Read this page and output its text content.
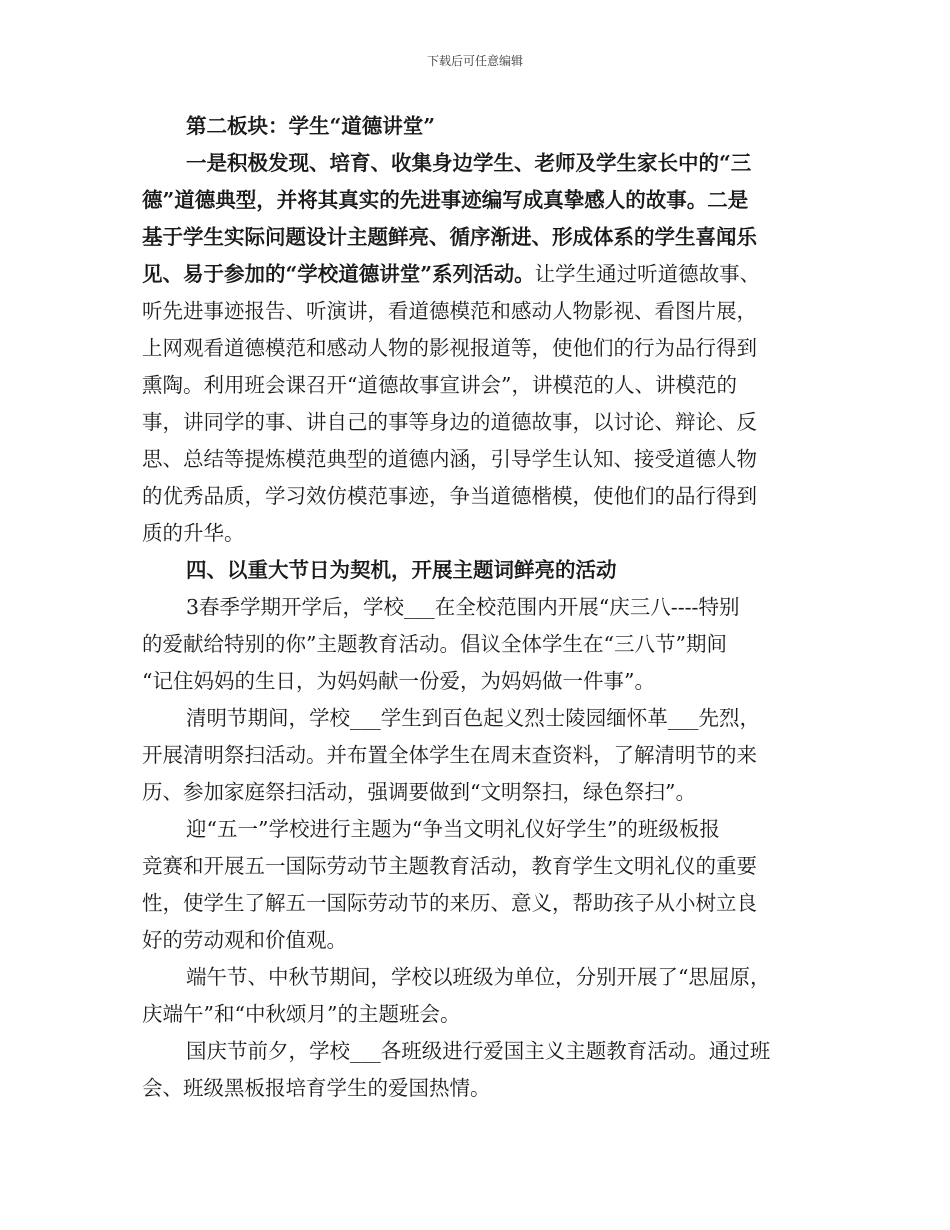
下载后可任意编辑
第二板块：学生“道德讲堂”
一是积极发现、培育、收集身边学生、老师及学生家长中的“三
德”道德典型，并将其真实的先进事迹编写成真挚感人的故事。二是
基于学生实际问题设计主题鲜亮、循序渐进、形成体系的学生喜闻乐
见、易于参加的“学校道德讲堂”系列活动。让学生通过听道德故事、
听先进事迹报告、听演讲，看道德模范和感动人物影视、看图片展，
上网观看道德模范和感动人物的影视报道等，使他们的行为品行得到
熏陶。利用班会课召开“道德故事宣讲会”，讲模范的人、讲模范的
事，讲同学的事、讲自己的事等身边的道德故事，以讨论、辩论、反
思、总结等提炼模范典型的道德内涵，引导学生认知、接受道德人物
的优秀品质，学习效仿模范事迹，争当道德楷模，使他们的品行得到
质的升华。
四、以重大节日为契机，开展主题词鲜亮的活动
3春季学期开学后，学校___在全校范围内开展“庆三八----特别
的爱献给特别的你”主题教育活动。倡议全体学生在“三八节”期间
“记住妈妈的生日，为妈妈献一份爱，为妈妈做一件事”。
清明节期间，学校___学生到百色起义烈士陵园缅怀革___先烈，
开展清明祭扫活动。并布置全体学生在周末查资料，了解清明节的来
历、参加家庭祭扫活动，强调要做到“文明祭扫，绿色祭扫”。
迎“五一”学校进行主题为“争当文明礼仪好学生”的班级板报
竞赛和开展五一国际劳动节主题教育活动，教育学生文明礼仪的重要
性，使学生了解五一国际劳动节的来历、意义，帮助孩子从小树立良
好的劳动观和价值观。
端午节、中秋节期间，学校以班级为单位，分别开展了“思屈原，
庆端午”和“中秋颂月”的主题班会。
国庆节前夕，学校___各班级进行爱国主义主题教育活动。通过班
会、班级黑板报培育学生的爱国热情。
